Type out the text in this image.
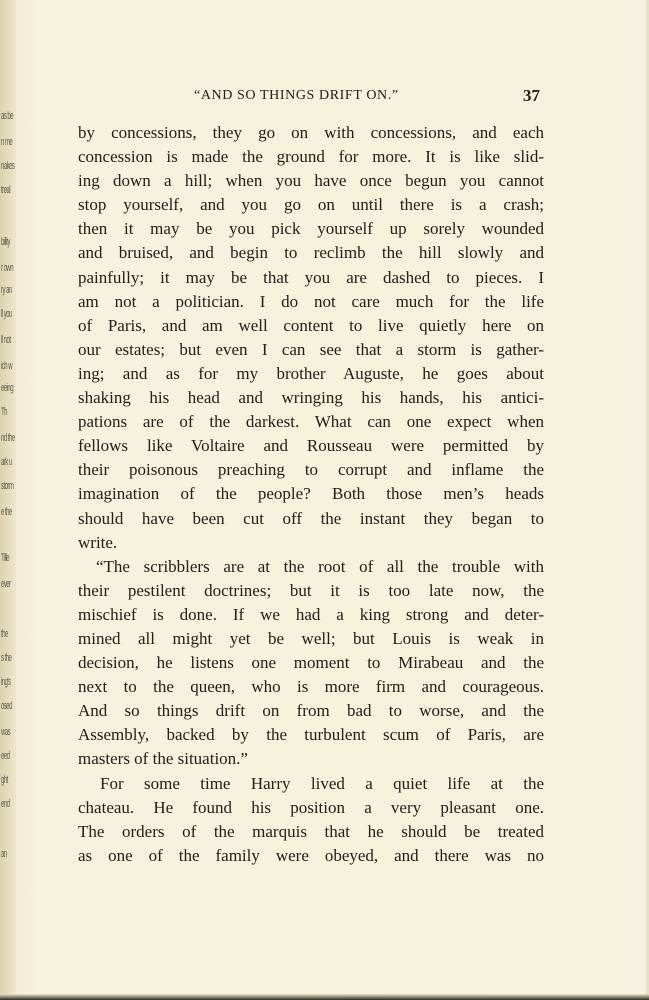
as be
n me
nakes
treal
bility
r own
ry an
ll you
ll not
ich w
eeing
Th
nd the
ark u
storm
e the
Tille
ever
the
s the
ing's
osed
was
eed
ght
end
an
“AND SO THINGS DRIFT ON.”	37
by concessions, they go on with concessions, and each
concession is made the ground for more. It is like slid-
ing down a hill; when you have once begun you cannot
stop yourself, and you go on until there is a crash;
then it may be you pick yourself up sorely wounded
and bruised, and begin to reclimb the hill slowly and
painfully; it may be that you are dashed to pieces. I
am not a politician. I do not care much for the life
of Paris, and am well content to live quietly here on
our estates; but even I can see that a storm is gather-
ing; and as for my brother Auguste, he goes about
shaking his head and wringing his hands, his antici-
pations are of the darkest. What can one expect when
fellows like Voltaire and Rousseau were permitted by
their poisonous preaching to corrupt and inflame the
imagination of the people? Both those men’s heads
should have been cut off the instant they began to
write.
“The scribblers are at the root of all the trouble with
their pestilent doctrines; but it is too late now, the
mischief is done. If we had a king strong and deter-
mined all might yet be well; but Louis is weak in
decision, he listens one moment to Mirabeau and the
next to the queen, who is more firm and courageous.
And so things drift on from bad to worse, and the
Assembly, backed by the turbulent scum of Paris, are
masters of the situation.”
For some time Harry lived a quiet life at the
chateau. He found his position a very pleasant one.
The orders of the marquis that he should be treated
as one of the family were obeyed, and there was no
